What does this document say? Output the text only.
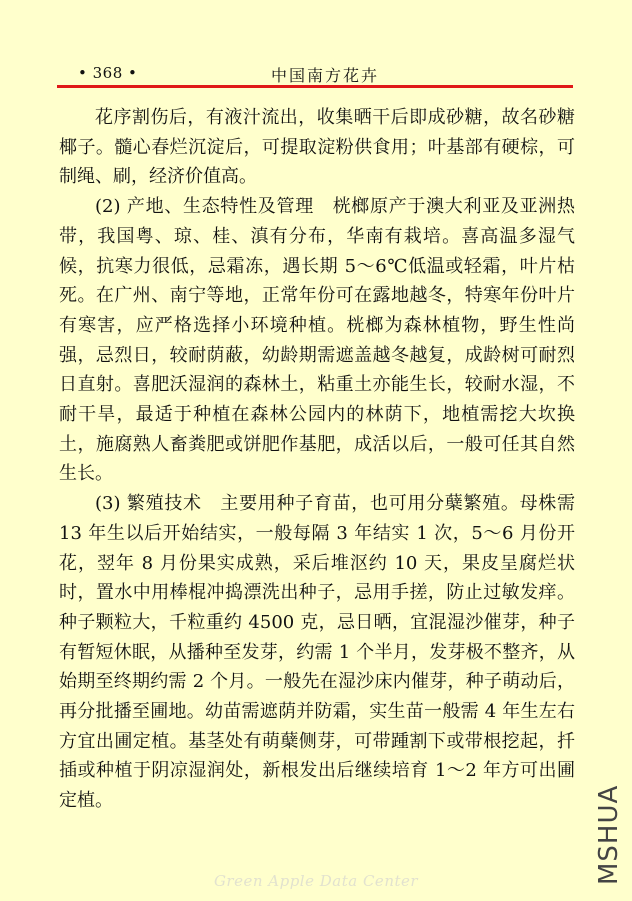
• 368 •	中国南方花卉

花序割伤后，有液汁流出，收集晒干后即成砂糖，故名砂糖椰子。髓心春烂沉淀后，可提取淀粉供食用；叶基部有硬棕，可制绳、刷，经济价值高。

(2) 产地、生态特性及管理　桄榔原产于澳大利亚及亚洲热带，我国粤、琼、桂、滇有分布，华南有栽培。喜高温多湿气候，抗寒力很低，忌霜冻，遇长期 5～6℃低温或轻霜，叶片枯死。在广州、南宁等地，正常年份可在露地越冬，特寒年份叶片有寒害，应严格选择小环境种植。桄榔为森林植物，野生性尚强，忌烈日，较耐荫蔽，幼龄期需遮盖越冬越复，成龄树可耐烈日直射。喜肥沃湿润的森林土，粘重土亦能生长，较耐水湿，不耐干旱，最适于种植在森林公园内的林荫下，地植需挖大坎换土，施腐熟人畜粪肥或饼肥作基肥，成活以后，一般可任其自然生长。

(3) 繁殖技术　主要用种子育苗，也可用分蘖繁殖。母株需 13 年生以后开始结实，一般每隔 3 年结实 1 次，5～6 月份开花，翌年 8 月份果实成熟，采后堆沤约 10 天，果皮呈腐烂状时，置水中用棒棍冲捣漂洗出种子，忌用手搓，防止过敏发痒。种子颗粒大，千粒重约 4500 克，忌日晒，宜混湿沙催芽，种子有暂短休眠，从播种至发芽，约需 1 个半月，发芽极不整齐，从始期至终期约需 2 个月。一般先在湿沙床内催芽，种子萌动后，再分批播至圃地。幼苗需遮荫并防霜，实生苗一般需 4 年生左右方宜出圃定植。基茎处有萌蘖侧芽，可带踵割下或带根挖起，扦插或种植于阴凉湿润处，新根发出后继续培育 1～2 年方可出圃定植。	MSHUA
Green Apple Data Center
